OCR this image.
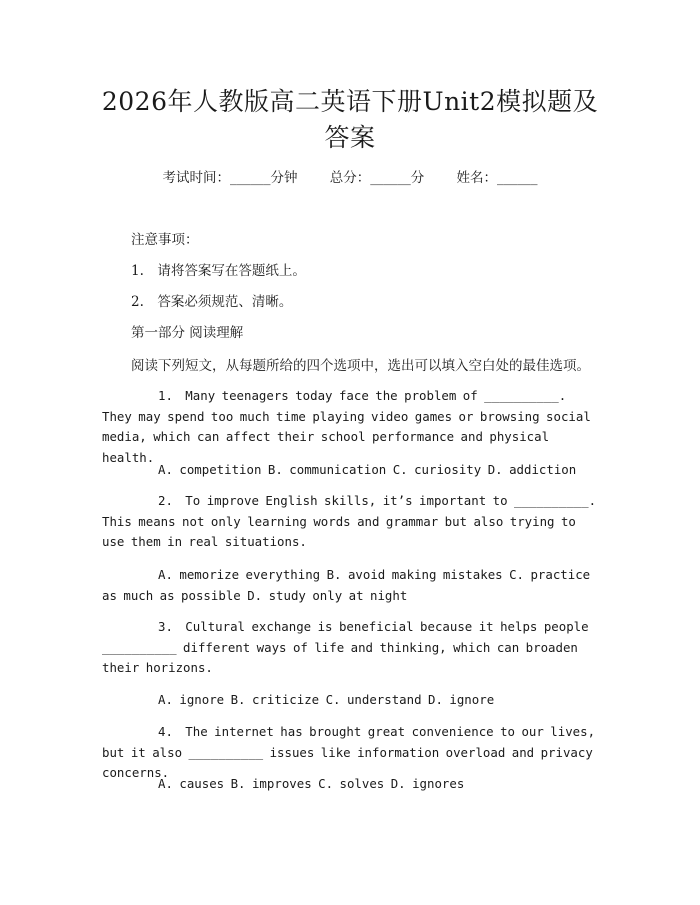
2026年人教版高二英语下册Unit2模拟题及答案
考试时间：______分钟 总分：______分 姓名：______
注意事项：
1.　请将答案写在答题纸上。
2.　答案必须规范、清晰。
第一部分 阅读理解
阅读下列短文，从每题所给的四个选项中，选出可以填入空白处的最佳选项。
1.　Many teenagers today face the problem of __________. They may spend too much time playing video games or browsing social media, which can affect their school performance and physical health.
A. competition B. communication C. curiosity D. addiction
2.　To improve English skills, it’s important to __________. This means not only learning words and grammar but also trying to use them in real situations.
A. memorize everything B. avoid making mistakes C. practice as much as possible D. study only at night
3.　Cultural exchange is beneficial because it helps people __________ different ways of life and thinking, which can broaden their horizons.
A. ignore B. criticize C. understand D. ignore
4.　The internet has brought great convenience to our lives, but it also __________ issues like information overload and privacy concerns.
A. causes B. improves C. solves D. ignores
